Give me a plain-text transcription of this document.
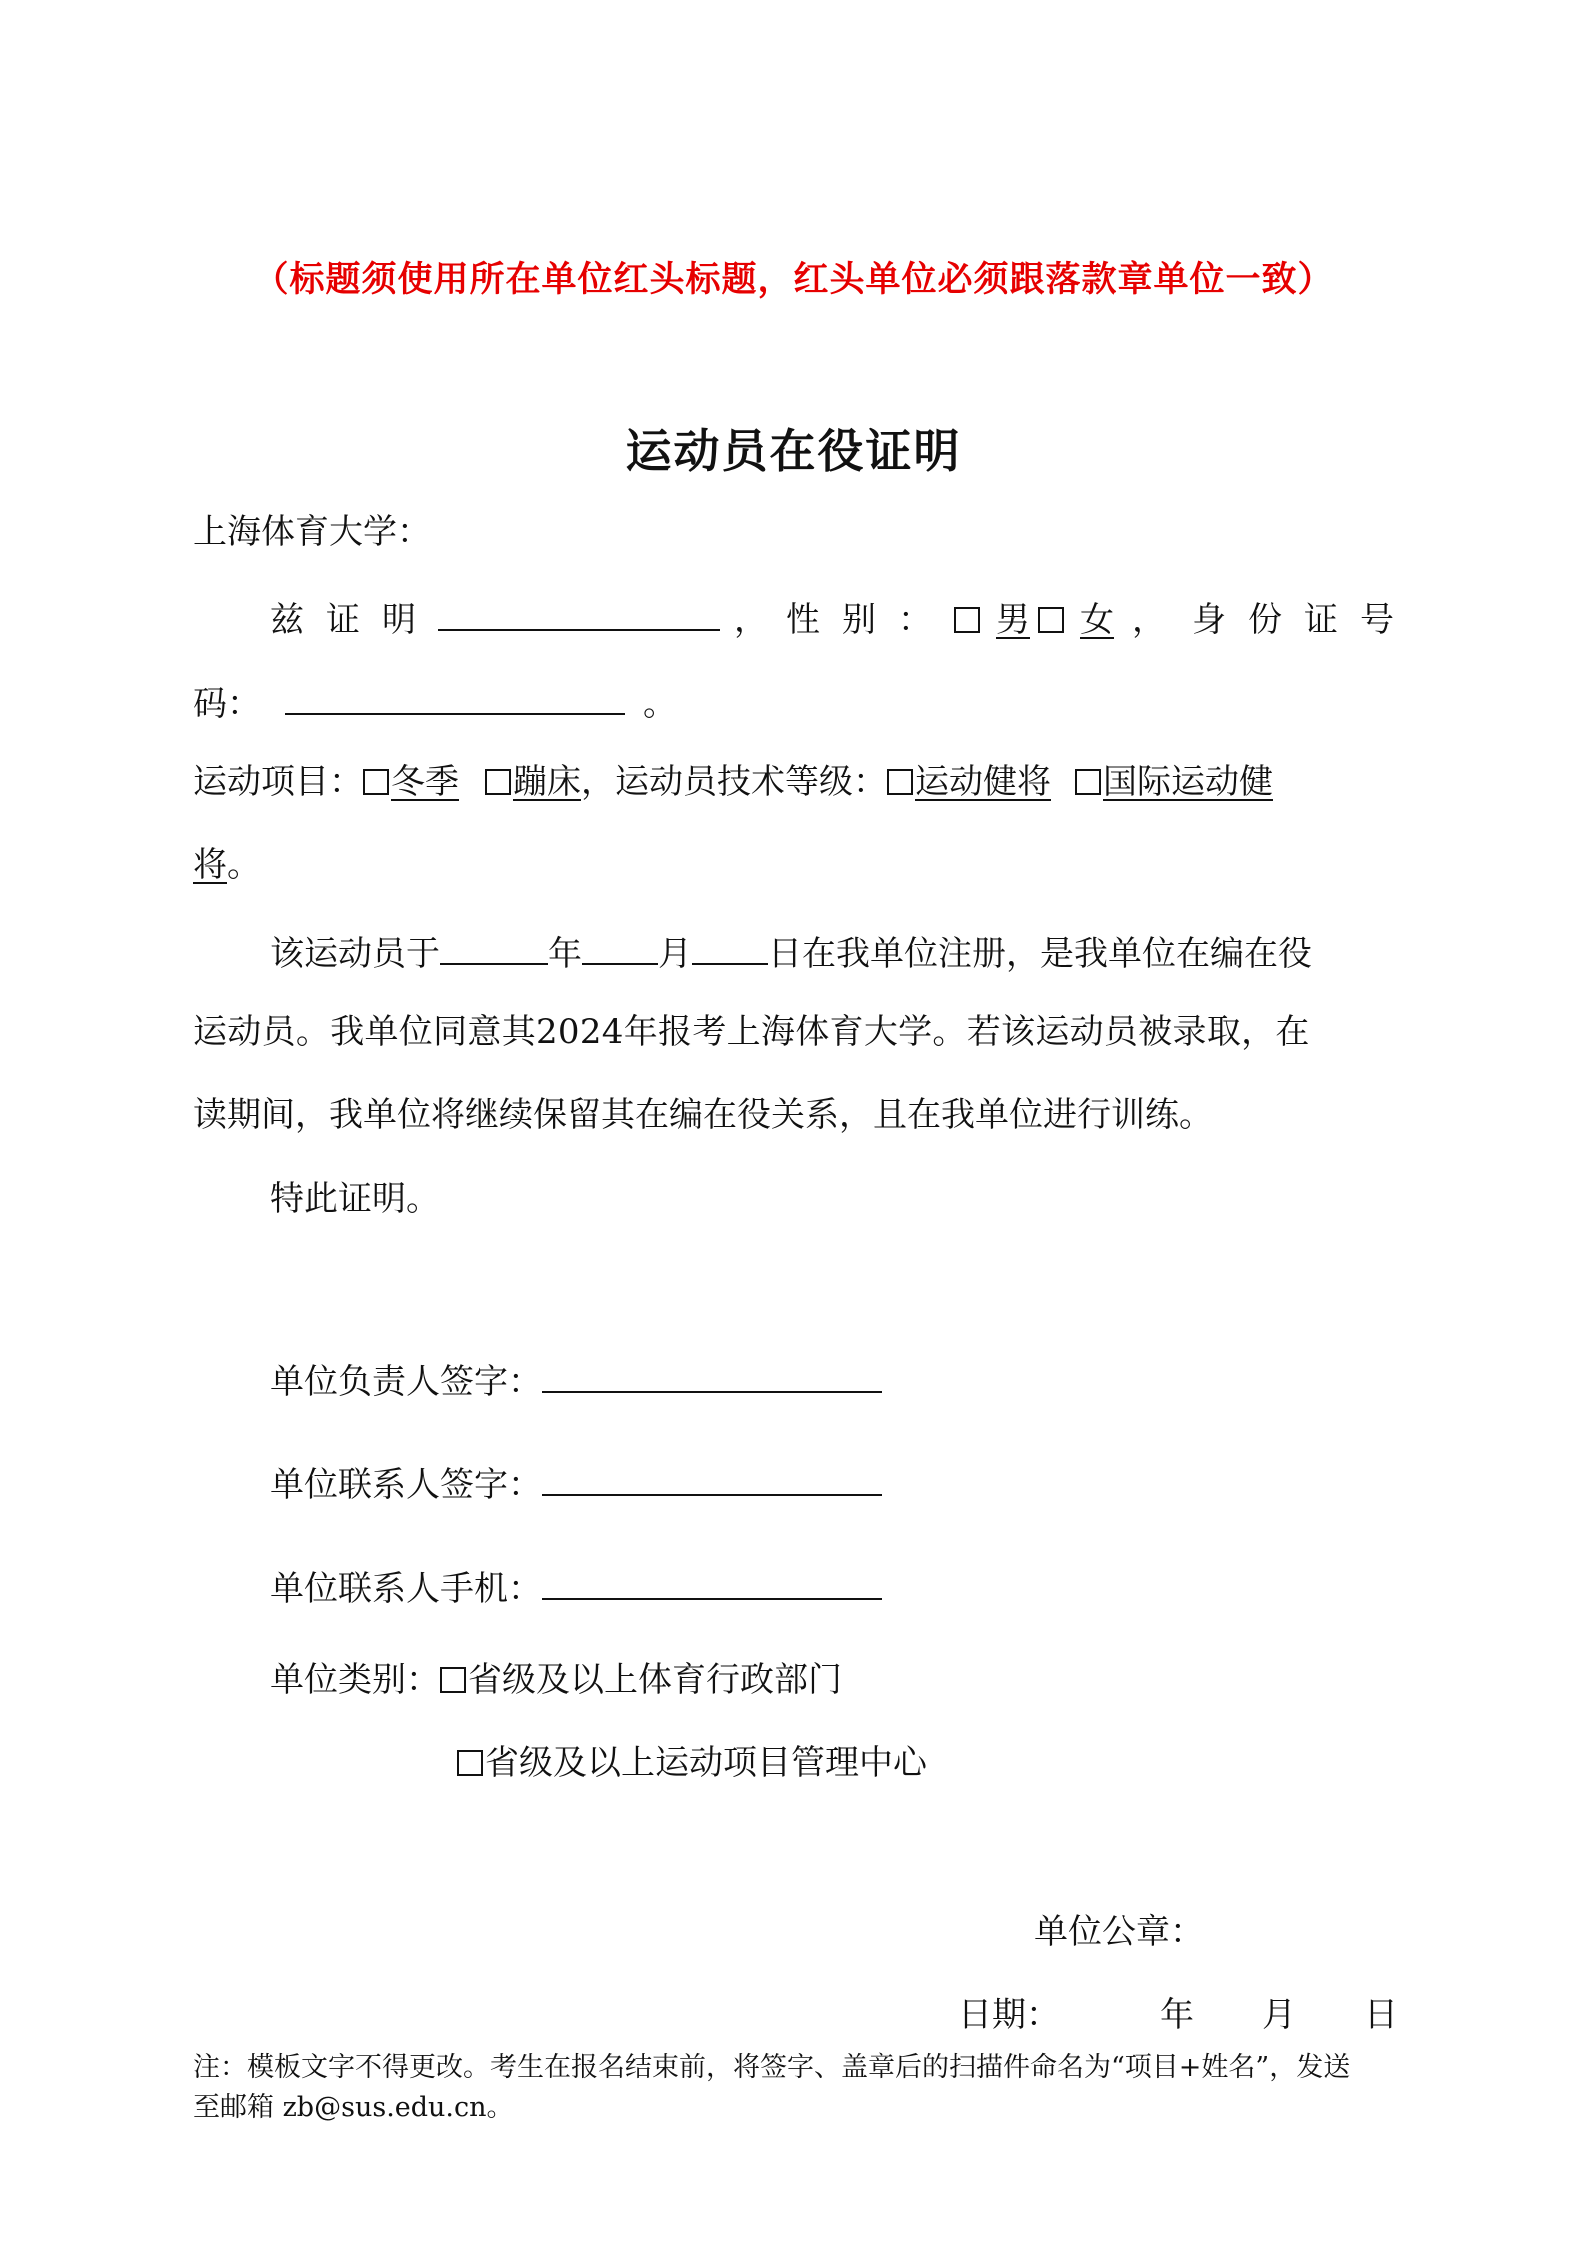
（标题须使用所在单位红头标题，红头单位必须跟落款章单位一致）
运动员在役证明
上海体育大学：
兹证明	， 性别： 男 女 ， 身份证号
码：	。
运动项目： 冬季 蹦床，运动员技术等级： 运动健将 国际运动健
将。
该运动员于	年 月 日在我单位注册，是我单位在编在役
运动员。我单位同意其2024年报考上海体育大学。若该运动员被录取，在
读期间，我单位将继续保留其在编在役关系，且在我单位进行训练。
特此证明。
单位负责人签字：
单位联系人签字：
单位联系人手机：
单位类别： 省级及以上体育行政部门
省级及以上运动项目管理中心
单位公章：
日期：	年 月 日
注：模板文字不得更改。考生在报名结束前，将签字、盖章后的扫描件命名为“项目+姓名”，发送
至邮箱 zb@sus.edu.cn。
